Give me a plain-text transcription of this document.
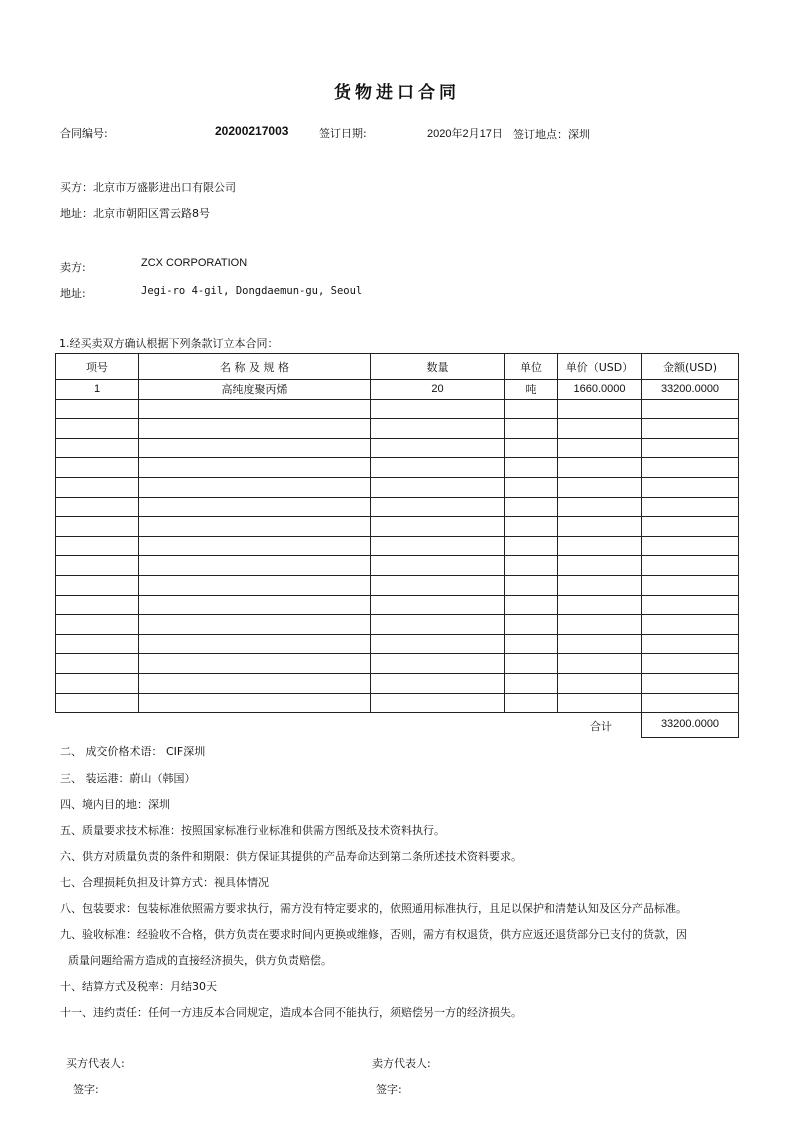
货物进口合同
合同编号:	20200217003	签订日期:	2020年2月17日 签订地点：深圳
买方：北京市万盛影进出口有限公司
地址：北京市朝阳区霄云路8号
卖方:	ZCX CORPORATION
地址:	Jegi-ro 4-gil, Dongdaemun-gu, Seoul
1.经买卖双方确认根据下列条款订立本合同：
项号	名 称 及 规 格	数量	单位	单价（USD）	金额(USD)
1	高纯度聚丙烯	20	吨	1660.0000	33200.0000

合计	33200.0000
二、 成交价格术语： CIF深圳
三、 装运港：蔚山（韩国）
四、境内目的地：深圳
五、质量要求技术标准：按照国家标准行业标准和供需方图纸及技术资料执行。
六、供方对质量负责的条件和期限：供方保证其提供的产品寿命达到第二条所述技术资料要求。
七、合理损耗负担及计算方式：视具体情况
八、包装要求：包装标准依照需方要求执行，需方没有特定要求的，依照通用标准执行，且足以保护和清楚认知及区分产品标准。
九、验收标准：经验收不合格，供方负责在要求时间内更换或维修，否则，需方有权退货，供方应返还退货部分已支付的货款，因
质量问题给需方造成的直接经济损失，供方负责赔偿。
十、结算方式及税率：月结30天
十一、违约责任：任何一方违反本合同规定，造成本合同不能执行，须赔偿另一方的经济损失。
买方代表人:
签字:
卖方代表人:
签字:
